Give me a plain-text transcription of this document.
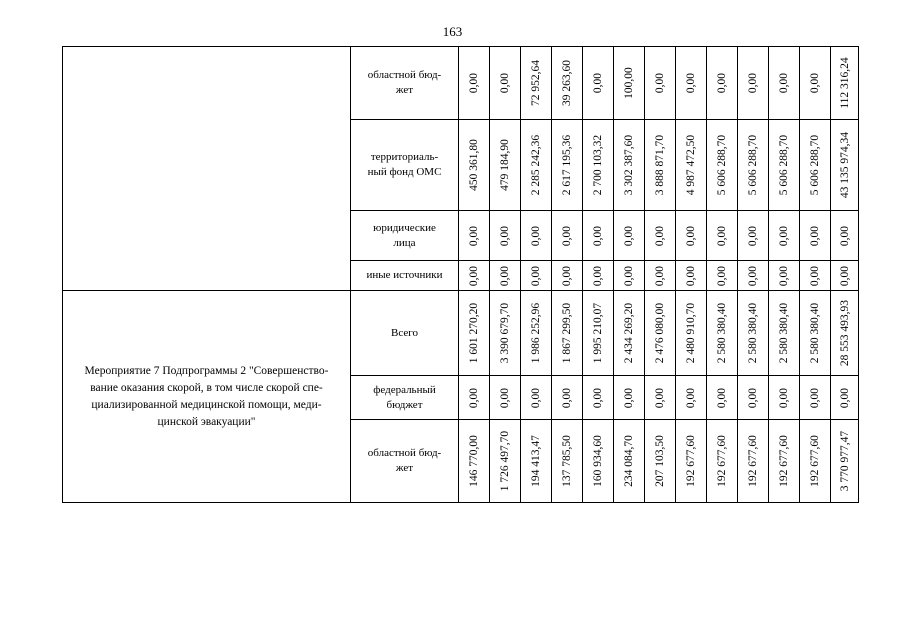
163
	областной бюд-
жет	0,00	0,00	72 952,64	39 263,60	0,00	100,00	0,00	0,00	0,00	0,00	0,00	0,00	112 316,24

	территориаль-
ный фонд ОМС	450 361,80	479 184,90	2 285 242,36	2 617 195,36	2 700 103,32	3 302 387,60	3 888 871,70	4 987 472,50	5 606 288,70	5 606 288,70	5 606 288,70	5 606 288,70	43 135 974,34

	юридические
лица	0,00	0,00	0,00	0,00	0,00	0,00	0,00	0,00	0,00	0,00	0,00	0,00	0,00

	иные источники	0,00	0,00	0,00	0,00	0,00	0,00	0,00	0,00	0,00	0,00	0,00	0,00	0,00

Мероприятие 7 Подпрограммы 2 "Совершенство-
вание оказания скорой, в том числе скорой спе-
циализированной медицинской помощи, меди-
цинской эвакуации"	Всего	1 601 270,20	3 390 679,70	1 986 252,96	1 867 299,50	1 995 210,07	2 434 269,20	2 476 080,00	2 480 910,70	2 580 380,40	2 580 380,40	2 580 380,40	2 580 380,40	28 553 493,93

	федеральный
бюджет	0,00	0,00	0,00	0,00	0,00	0,00	0,00	0,00	0,00	0,00	0,00	0,00	0,00

	областной бюд-
жет	146 770,00	1 726 497,70	194 413,47	137 785,50	160 934,60	234 084,70	207 103,50	192 677,60	192 677,60	192 677,60	192 677,60	192 677,60	3 770 977,47
